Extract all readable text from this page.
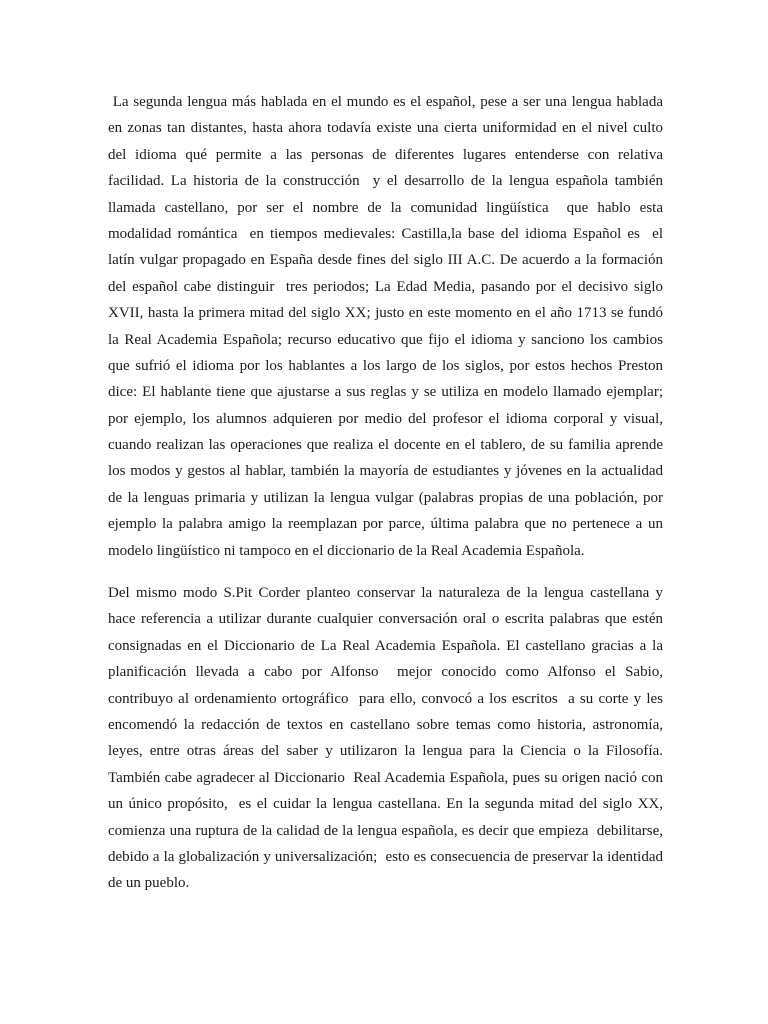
La segunda lengua más hablada en el mundo es el español, pese a ser una lengua hablada
en zonas tan distantes, hasta ahora todavía existe una cierta uniformidad en el nivel culto
del idioma qué permite a las personas de diferentes lugares entenderse con relativa
facilidad. La historia de la construcción  y el desarrollo de la lengua española también
llamada castellano, por ser el nombre de la comunidad lingüística  que hablo esta
modalidad romántica  en tiempos medievales: Castilla,la base del idioma Español es  el
latín vulgar propagado en España desde fines del siglo III A.C. De acuerdo a la formación
del español cabe distinguir  tres periodos; La Edad Media, pasando por el decisivo siglo
XVII, hasta la primera mitad del siglo XX; justo en este momento en el año 1713 se fundó
la Real Academia Española; recurso educativo que fijo el idioma y sanciono los cambios
que sufrió el idioma por los hablantes a los largo de los siglos, por estos hechos Preston
dice: El hablante tiene que ajustarse a sus reglas y se utiliza en modelo llamado ejemplar;
por ejemplo, los alumnos adquieren por medio del profesor el idioma corporal y visual,
cuando realizan las operaciones que realiza el docente en el tablero, de su familia aprende
los modos y gestos al hablar, también la mayoría de estudiantes y jóvenes en la actualidad
de la lenguas primaria y utilizan la lengua vulgar (palabras propias de una población, por
ejemplo la palabra amigo la reemplazan por parce, última palabra que no pertenece a un
modelo lingüístico ni tampoco en el diccionario de la Real Academia Española.
Del mismo modo S.Pit Corder planteo conservar la naturaleza de la lengua castellana y
hace referencia a utilizar durante cualquier conversación oral o escrita palabras que estén
consignadas en el Diccionario de La Real Academia Española. El castellano gracias a la
planificación llevada a cabo por Alfonso  mejor conocido como Alfonso el Sabio,
contribuyo al ordenamiento ortográfico  para ello, convocó a los escritos  a su corte y les
encomendó la redacción de textos en castellano sobre temas como historia, astronomía,
leyes, entre otras áreas del saber y utilizaron la lengua para la Ciencia o la Filosofía.
También cabe agradecer al Diccionario  Real Academia Española, pues su origen nació con
un único propósito,  es el cuidar la lengua castellana. En la segunda mitad del siglo XX,
comienza una ruptura de la calidad de la lengua española, es decir que empieza  debilitarse,
debido a la globalización y universalización;  esto es consecuencia de preservar la identidad
de un pueblo.
